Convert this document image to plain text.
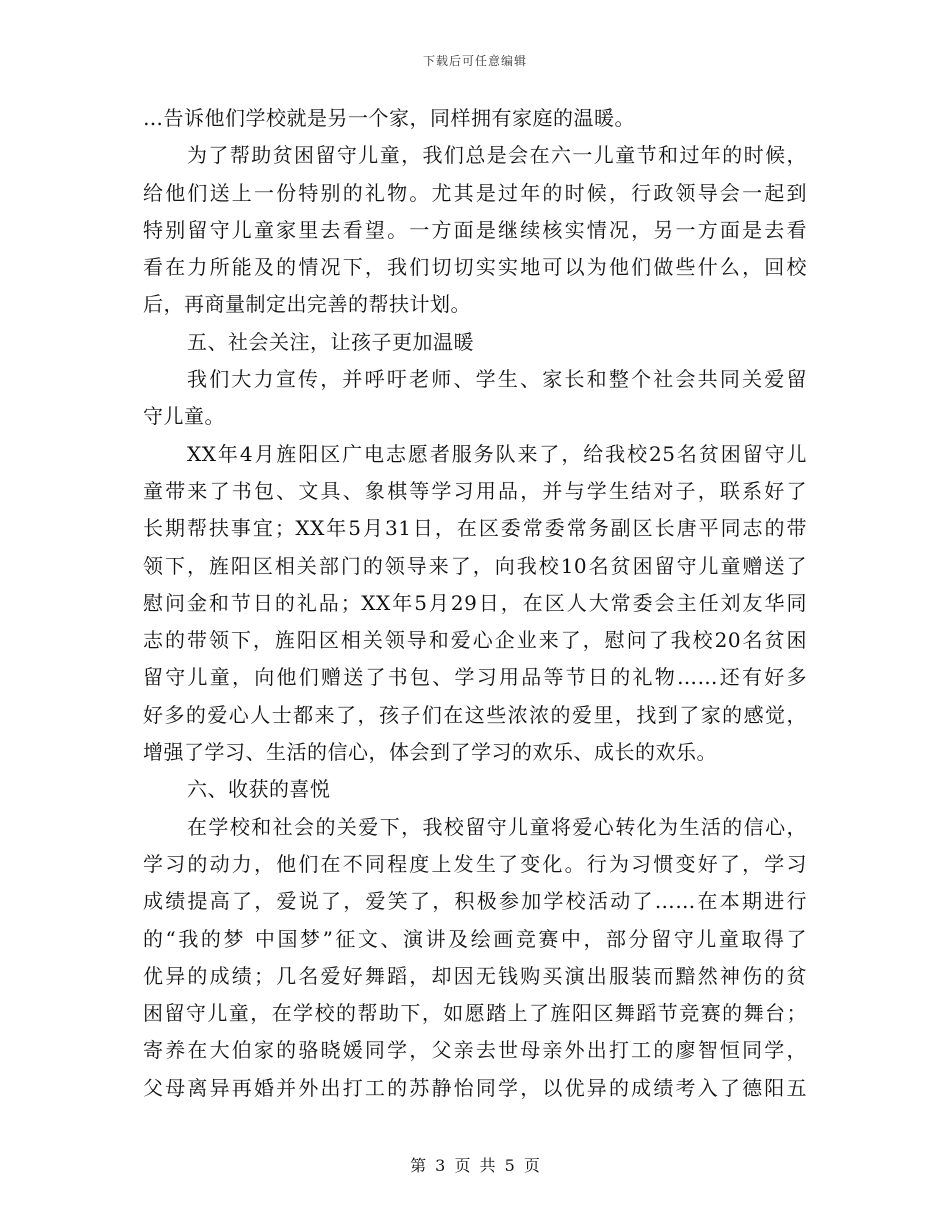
下载后可任意编辑
…告诉他们学校就是另一个家，同样拥有家庭的温暖。
为了帮助贫困留守儿童，我们总是会在六一儿童节和过年的时候，
给他们送上一份特别的礼物。尤其是过年的时候，行政领导会一起到
特别留守儿童家里去看望。一方面是继续核实情况，另一方面是去看
看在力所能及的情况下，我们切切实实地可以为他们做些什么，回校
后，再商量制定出完善的帮扶计划。
五、社会关注，让孩子更加温暖
我们大力宣传，并呼吁老师、学生、家长和整个社会共同关爱留
守儿童。
XX年4月旌阳区广电志愿者服务队来了，给我校25名贫困留守儿
童带来了书包、文具、象棋等学习用品，并与学生结对子，联系好了
长期帮扶事宜；XX年5月31日，在区委常委常务副区长唐平同志的带
领下，旌阳区相关部门的领导来了，向我校10名贫困留守儿童赠送了
慰问金和节日的礼品；XX年5月29日，在区人大常委会主任刘友华同
志的带领下，旌阳区相关领导和爱心企业来了，慰问了我校20名贫困
留守儿童，向他们赠送了书包、学习用品等节日的礼物……还有好多
好多的爱心人士都来了，孩子们在这些浓浓的爱里，找到了家的感觉，
增强了学习、生活的信心，体会到了学习的欢乐、成长的欢乐。
六、收获的喜悦
在学校和社会的关爱下，我校留守儿童将爱心转化为生活的信心，
学习的动力，他们在不同程度上发生了变化。行为习惯变好了，学习
成绩提高了，爱说了，爱笑了，积极参加学校活动了……在本期进行
的“我的梦 中国梦”征文、演讲及绘画竞赛中，部分留守儿童取得了
优异的成绩；几名爱好舞蹈，却因无钱购买演出服装而黯然神伤的贫
困留守儿童，在学校的帮助下，如愿踏上了旌阳区舞蹈节竞赛的舞台；
寄养在大伯家的骆晓媛同学，父亲去世母亲外出打工的廖智恒同学，
父母离异再婚并外出打工的苏静怡同学，以优异的成绩考入了德阳五
第 3 页 共 5 页
